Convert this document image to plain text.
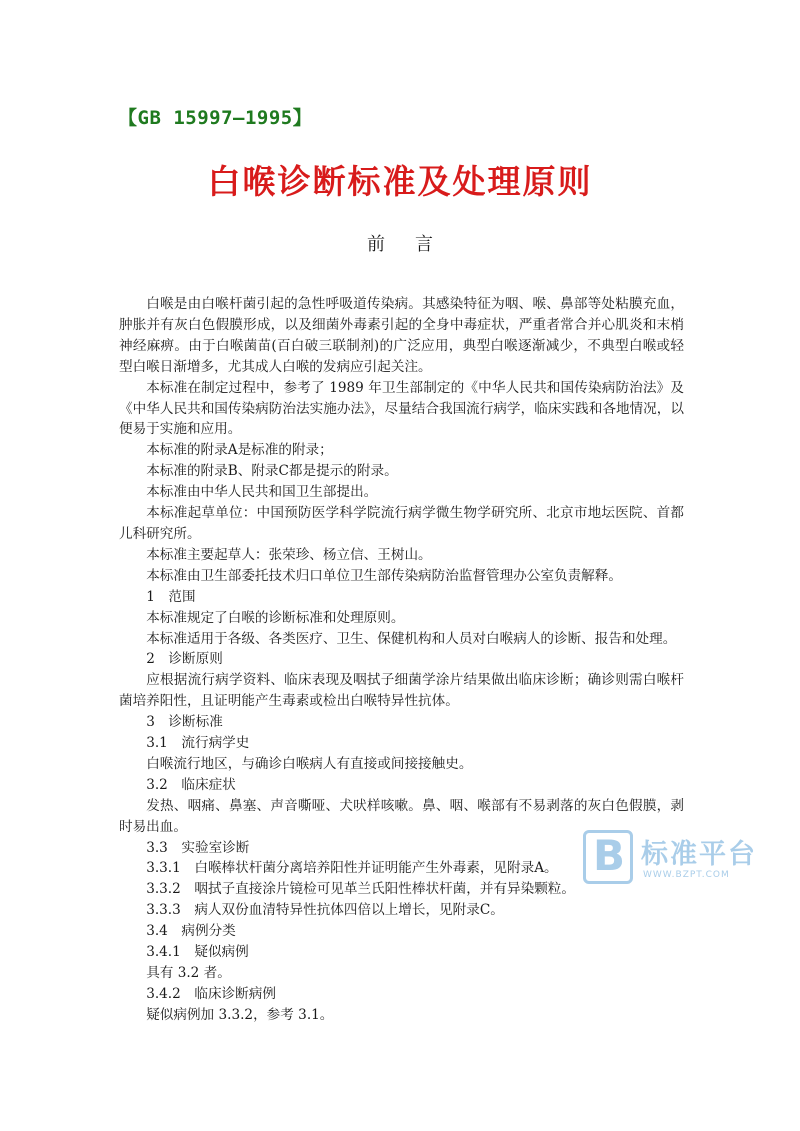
【GB 15997—1995】
白喉诊断标准及处理原则
前言

白喉是由白喉杆菌引起的急性呼吸道传染病。其感染特征为咽、喉、鼻部等处粘膜充血，肿胀并有灰白色假膜形成，以及细菌外毒素引起的全身中毒症状，严重者常合并心肌炎和末梢神经麻痹。由于白喉菌苗(百白破三联制剂)的广泛应用，典型白喉逐渐减少，不典型白喉或轻型白喉日渐增多，尤其成人白喉的发病应引起关注。

本标准在制定过程中，参考了 1989 年卫生部制定的《中华人民共和国传染病防治法》及《中华人民共和国传染病防治法实施办法》，尽量结合我国流行病学，临床实践和各地情况，以便易于实施和应用。

本标准的附录A是标准的附录；

本标准的附录B、附录C都是提示的附录。

本标准由中华人民共和国卫生部提出。

本标准起草单位：中国预防医学科学院流行病学微生物学研究所、北京市地坛医院、首都儿科研究所。

本标准主要起草人：张荣珍、杨立信、王树山。

本标准由卫生部委托技术归口单位卫生部传染病防治监督管理办公室负责解释。

1　范围

本标准规定了白喉的诊断标准和处理原则。

本标准适用于各级、各类医疗、卫生、保健机构和人员对白喉病人的诊断、报告和处理。

2　诊断原则

应根据流行病学资料、临床表现及咽拭子细菌学涂片结果做出临床诊断；确诊则需白喉杆菌培养阳性，且证明能产生毒素或检出白喉特异性抗体。

3　诊断标准

3.1　流行病学史

白喉流行地区，与确诊白喉病人有直接或间接接触史。

3.2　临床症状

发热、咽痛、鼻塞、声音嘶哑、犬吠样咳嗽。鼻、咽、喉部有不易剥落的灰白色假膜，剥时易出血。

3.3　实验室诊断

3.3.1　白喉棒状杆菌分离培养阳性并证明能产生外毒素，见附录A。

3.3.2　咽拭子直接涂片镜检可见革兰氏阳性棒状杆菌，并有异染颗粒。

3.3.3　病人双份血清特异性抗体四倍以上增长，见附录C。

3.4　病例分类

3.4.1　疑似病例

具有 3.2 者。

3.4.2　临床诊断病例

疑似病例加 3.3.2，参考 3.1。

B 标准平台
WWW.BZPT.COM
